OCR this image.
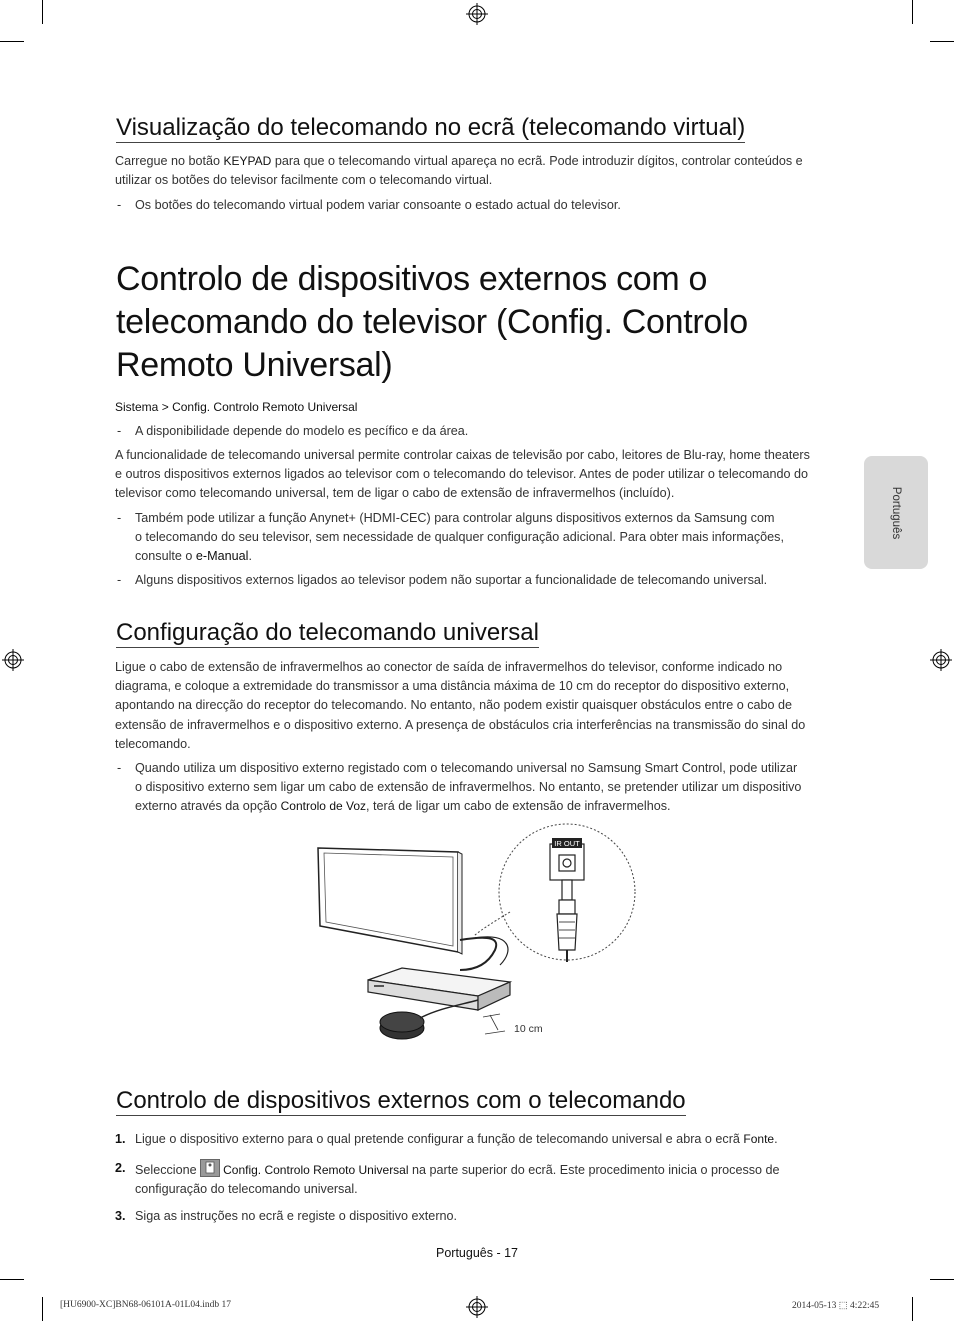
Português
Visualização do telecomando no ecrã (telecomando virtual)
Carregue no botão KEYPAD para que o telecomando virtual apareça no ecrã. Pode introduzir dígitos, controlar conteúdos e
utilizar os botões do televisor facilmente com o telecomando virtual.
- Os botões do telecomando virtual podem variar consoante o estado actual do televisor.
Controlo de dispositivos externos com o
telecomando do televisor (Config. Controlo
Remoto Universal)
Sistema > Config. Controlo Remoto Universal
- A disponibilidade depende do modelo es pecífico e da área.
A funcionalidade de telecomando universal permite controlar caixas de televisão por cabo, leitores de Blu-ray, home theaters
e outros dispositivos externos ligados ao televisor com o telecomando do televisor. Antes de poder utilizar o telecomando do
televisor como telecomando universal, tem de ligar o cabo de extensão de infravermelhos (incluído).
- Também pode utilizar a função Anynet+ (HDMI-CEC) para controlar alguns dispositivos externos da Samsung com
o telecomando do seu televisor, sem necessidade de qualquer configuração adicional. Para obter mais informações,
consulte o e-Manual.
- Alguns dispositivos externos ligados ao televisor podem não suportar a funcionalidade de telecomando universal.
Configuração do telecomando universal
Ligue o cabo de extensão de infravermelhos ao conector de saída de infravermelhos do televisor, conforme indicado no
diagrama, e coloque a extremidade do transmissor a uma distância máxima de 10 cm do receptor do dispositivo externo,
apontando na direcção do receptor do telecomando. No entanto, não podem existir quaisquer obstáculos entre o cabo de
extensão de infravermelhos e o dispositivo externo. A presença de obstáculos cria interferências na transmissão do sinal do
telecomando.
- Quando utiliza um dispositivo externo registado com o telecomando universal no Samsung Smart Control, pode utilizar
o dispositivo externo sem ligar um cabo de extensão de infravermelhos. No entanto, se pretender utilizar um dispositivo
externo através da opção Controlo de Voz, terá de ligar um cabo de extensão de infravermelhos.
IR OUT
10 cm
Controlo de dispositivos externos com o telecomando
1. Ligue o dispositivo externo para o qual pretende configurar a função de telecomando universal e abra o ecrã Fonte.
2. Seleccione Config. Controlo Remoto Universal na parte superior do ecrã. Este procedimento inicia o processo de
configuração do telecomando universal.
3. Siga as instruções no ecrã e registe o dispositivo externo.
Português - 17
[HU6900-XC]BN68-06101A-01L04.indb 17	2014-05-13 ⬚ 4:22:45
